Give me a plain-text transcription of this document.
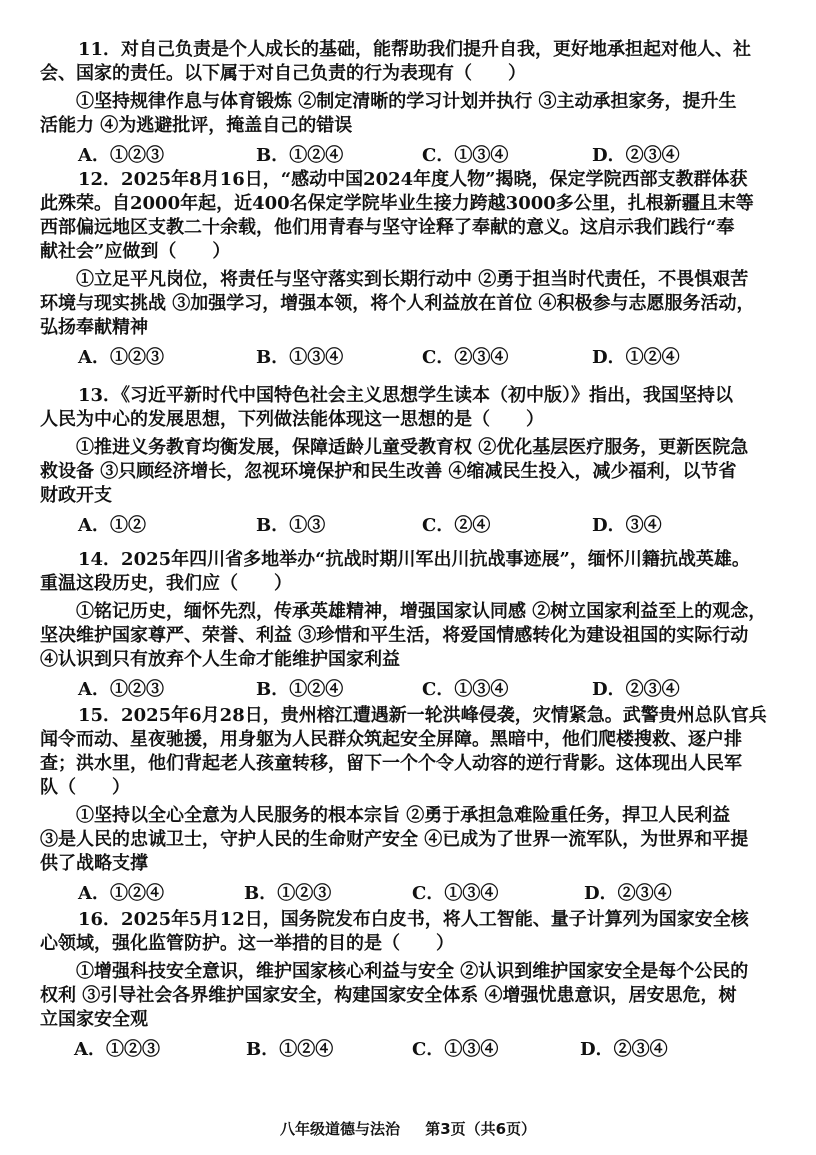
11．对自己负责是个人成长的基础，能帮助我们提升自我，更好地承担起对他人、社
会、国家的责任。以下属于对自己负责的行为表现有（　　）
①坚持规律作息与体育锻炼 ②制定清晰的学习计划并执行 ③主动承担家务，提升生
活能力 ④为逃避批评，掩盖自己的错误
A．①②③	B．①②④	C．①③④	D．②③④
12．2025年8月16日，“感动中国2024年度人物”揭晓，保定学院西部支教群体获
此殊荣。自2000年起，近400名保定学院毕业生接力跨越3000多公里，扎根新疆且末等
西部偏远地区支教二十余载，他们用青春与坚守诠释了奉献的意义。这启示我们践行“奉
献社会”应做到（　　）
①立足平凡岗位，将责任与坚守落实到长期行动中 ②勇于担当时代责任，不畏惧艰苦
环境与现实挑战 ③加强学习，增强本领，将个人利益放在首位 ④积极参与志愿服务活动，
弘扬奉献精神
A．①②③	B．①③④	C．②③④	D．①②④
13．《习近平新时代中国特色社会主义思想学生读本（初中版）》指出，我国坚持以
人民为中心的发展思想，下列做法能体现这一思想的是（　　）
①推进义务教育均衡发展，保障适龄儿童受教育权 ②优化基层医疗服务，更新医院急
救设备 ③只顾经济增长，忽视环境保护和民生改善 ④缩减民生投入，减少福利，以节省
财政开支
A．①②	B．①③	C．②④	D．③④
14．2025年四川省多地举办“抗战时期川军出川抗战事迹展”，缅怀川籍抗战英雄。
重温这段历史，我们应（　　）
①铭记历史，缅怀先烈，传承英雄精神，增强国家认同感 ②树立国家利益至上的观念，
坚决维护国家尊严、荣誉、利益 ③珍惜和平生活，将爱国情感转化为建设祖国的实际行动
④认识到只有放弃个人生命才能维护国家利益
A．①②③	B．①②④	C．①③④	D．②③④
15．2025年6月28日，贵州榕江遭遇新一轮洪峰侵袭，灾情紧急。武警贵州总队官兵
闻令而动、星夜驰援，用身躯为人民群众筑起安全屏障。黑暗中，他们爬楼搜救、逐户排
查；洪水里，他们背起老人孩童转移，留下一个个令人动容的逆行背影。这体现出人民军
队（　　）
①坚持以全心全意为人民服务的根本宗旨 ②勇于承担急难险重任务，捍卫人民利益
③是人民的忠诚卫士，守护人民的生命财产安全 ④已成为了世界一流军队，为世界和平提
供了战略支撑
A．①②④	B．①②③	C．①③④	D．②③④
16．2025年5月12日，国务院发布白皮书，将人工智能、量子计算列为国家安全核
心领域，强化监管防护。这一举措的目的是（　　）
①增强科技安全意识，维护国家核心利益与安全 ②认识到维护国家安全是每个公民的
权利 ③引导社会各界维护国家安全，构建国家安全体系 ④增强忧患意识，居安思危，树
立国家安全观
A．①②③	B．①②④	C．①③④	D．②③④
八年级道德与法治 第3页（共6页）
